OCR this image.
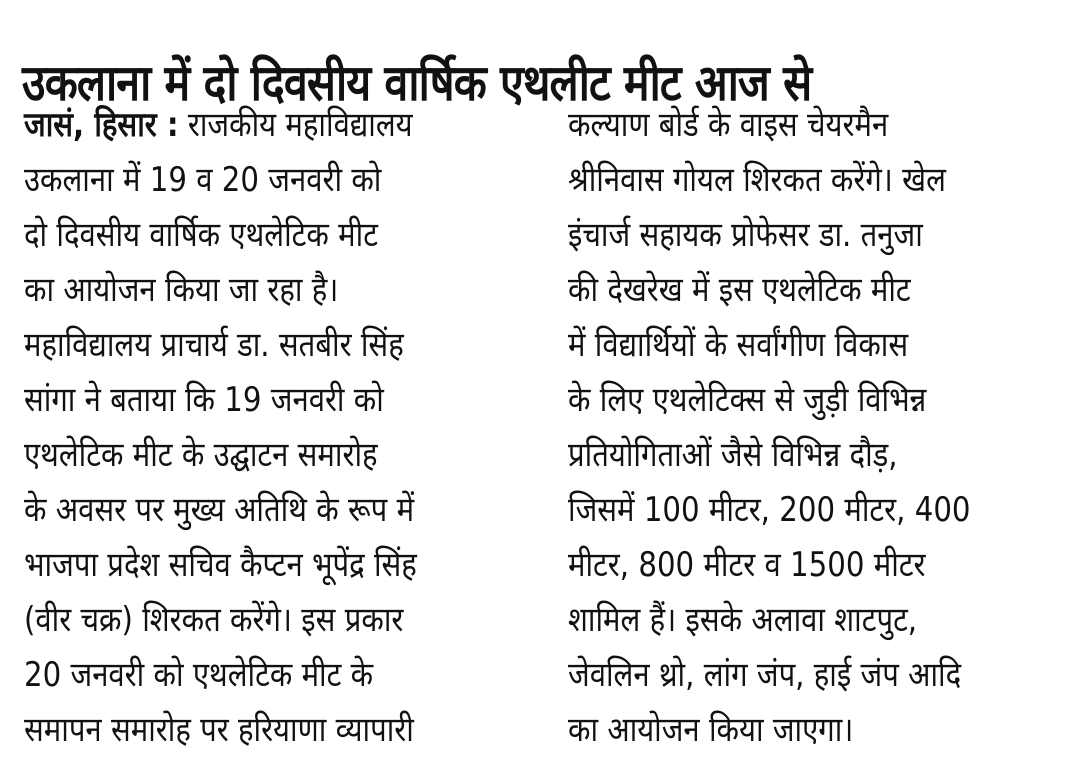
उकलाना में दो दिवसीय वार्षिक एथलीट मीट आज से
जासं, हिसार : राजकीय महाविद्यालय
उकलाना में 19 व 20 जनवरी को
दो दिवसीय वार्षिक एथलेटिक मीट
का आयोजन किया जा रहा है।
महाविद्यालय प्राचार्य डा. सतबीर सिंह
सांगा ने बताया कि 19 जनवरी को
एथलेटिक मीट के उद्घाटन समारोह
के अवसर पर मुख्य अतिथि के रूप में
भाजपा प्रदेश सचिव कैप्टन भूपेंद्र सिंह
(वीर चक्र) शिरकत करेंगे। इस प्रकार
20 जनवरी को एथलेटिक मीट के
समापन समारोह पर हरियाणा व्यापारी
कल्याण बोर्ड के वाइस चेयरमैन
श्रीनिवास गोयल शिरकत करेंगे। खेल
इंचार्ज सहायक प्रोफेसर डा. तनुजा
की देखरेख में इस एथलेटिक मीट
में विद्यार्थियों के सर्वांगीण विकास
के लिए एथलेटिक्स से जुड़ी विभिन्न
प्रतियोगिताओं जैसे विभिन्न दौड़,
जिसमें 100 मीटर, 200 मीटर, 400
मीटर, 800 मीटर व 1500 मीटर
शामिल हैं। इसके अलावा शाटपुट,
जेवलिन थ्रो, लांग जंप, हाई जंप आदि
का आयोजन किया जाएगा।
